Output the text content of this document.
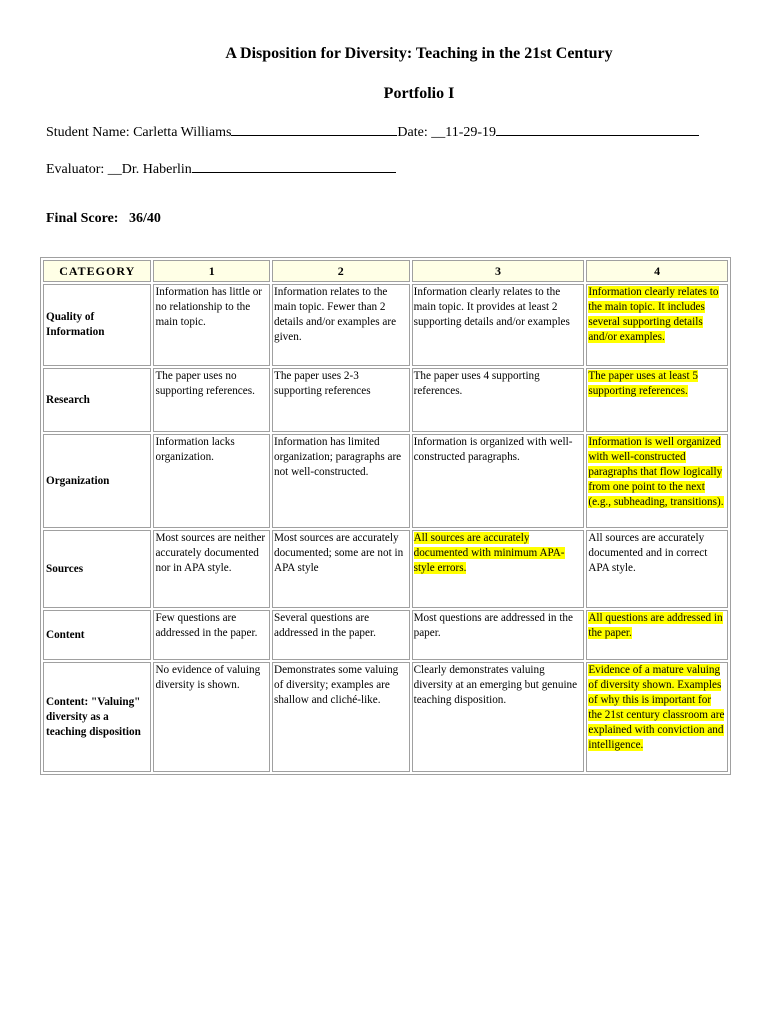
A Disposition for Diversity: Teaching in the 21st Century
Portfolio I
Student Name: Carletta Williams	Date: __11-29-19
Evaluator: __Dr. Haberlin
Final Score: 36/40
CATEGORY	1	2	3	4
Quality of Information	Information has little or no relationship to the main topic.	Information relates to the main topic. Fewer than 2 details and/or examples are given.	Information clearly relates to the main topic. It provides at least 2 supporting details and/or examples	Information clearly relates to the main topic. It includes several supporting details and/or examples.
Research	The paper uses no supporting references.	The paper uses 2-3 supporting references	The paper uses 4 supporting references.	The paper uses at least 5 supporting references.
Organization	Information lacks organization.	Information has limited organization; paragraphs are not well-constructed.	Information is organized with well-constructed paragraphs.	Information is well organized with well-constructed paragraphs that flow logically from one point to the next (e.g., subheading, transitions).
Sources	Most sources are neither accurately documented nor in APA style.	Most sources are accurately documented; some are not in APA style	All sources are accurately documented with minimum APA-style errors.	All sources are accurately documented and in correct APA style.
Content	Few questions are addressed in the paper.	Several questions are addressed in the paper.	Most questions are addressed in the paper.	All questions are addressed in the paper.
Content: "Valuing" diversity as a teaching disposition	No evidence of valuing diversity is shown.	Demonstrates some valuing of diversity; examples are shallow and cliché-like.	Clearly demonstrates valuing diversity at an emerging but genuine teaching disposition.	Evidence of a mature valuing of diversity shown. Examples of why this is important for the 21st century classroom are explained with conviction and intelligence.
